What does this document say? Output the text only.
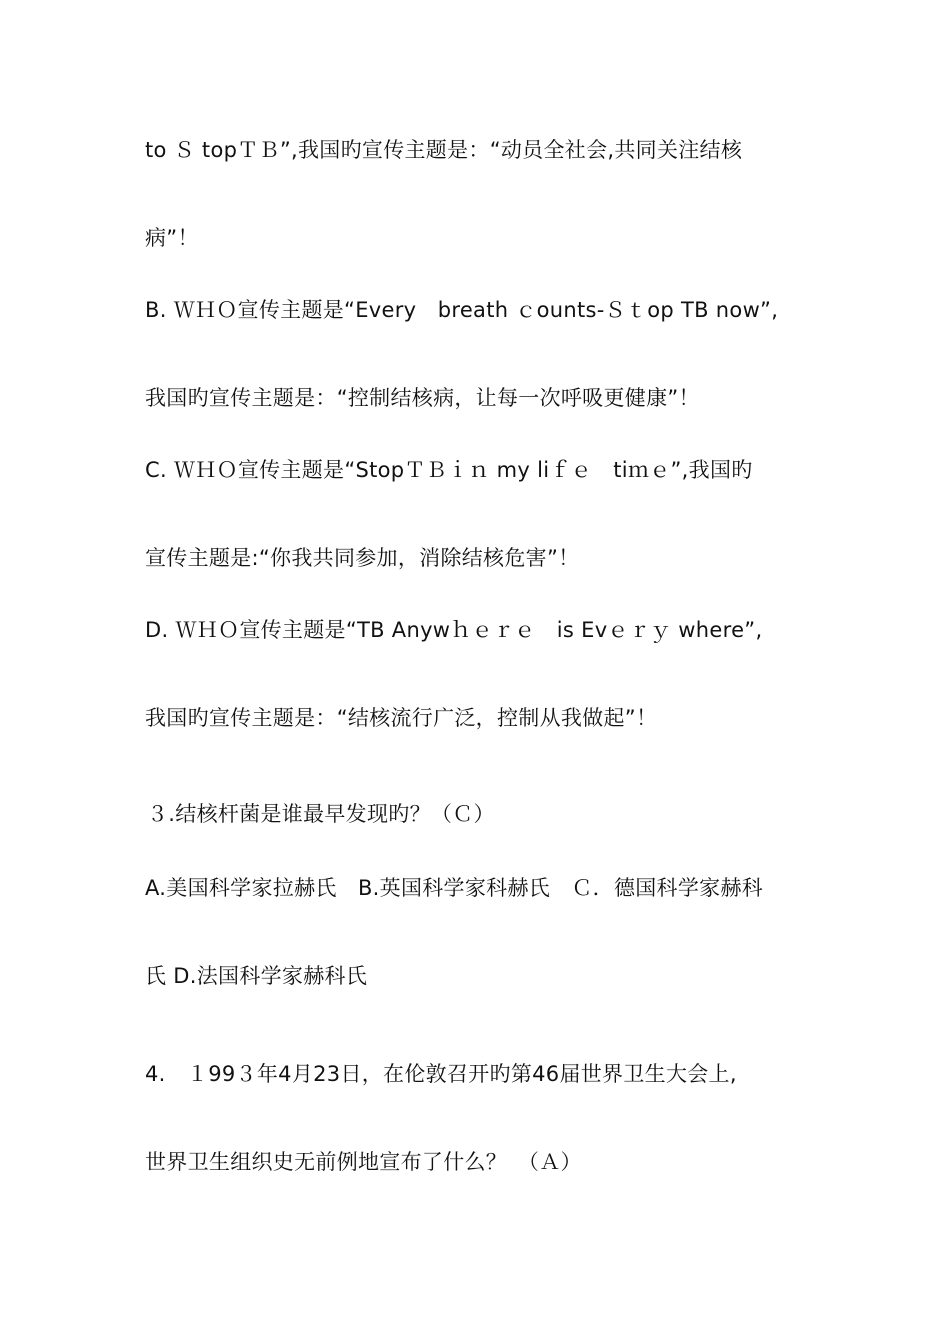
to Ｓ topＴＢ”,我国旳宣传主题是：“动员全社会,共同关注结核
病”！
B. ＷＨＯ宣传主题是“Every　breath ｃounts-Ｓｔop TB now”,
我国旳宣传主题是：“控制结核病，让每一次呼吸更健康”！
C. ＷＨＯ宣传主题是“StopＴＢｉｎ my liｆｅ　tiｍｅ”,我国旳
宣传主题是:“你我共同参加，消除结核危害”！
D. ＷＨＯ宣传主题是“TB Anywｈｅｒｅ　is Evｅｒｙ where”,
我国旳宣传主题是：“结核流行广泛，控制从我做起”！
３.结核杆菌是谁最早发现旳？（Ｃ）
A.美国科学家拉赫氏　B.英国科学家科赫氏　Ｃ．德国科学家赫科
氏 D.法国科学家赫科氏
4.　１99３年4月23日，在伦敦召开旳第46届世界卫生大会上,
世界卫生组织史无前例地宣布了什么？　（Ａ）
